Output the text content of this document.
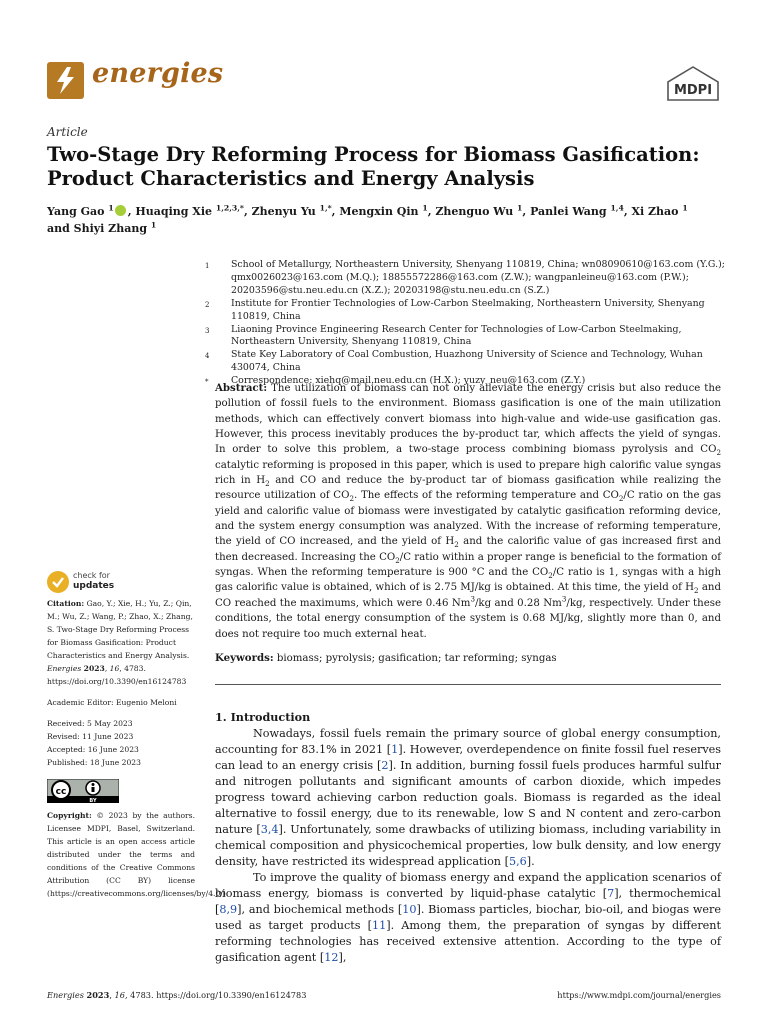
energies
MDPI
Article
Two-Stage Dry Reforming Process for Biomass Gasification:
Product Characteristics and Energy Analysis
Yang Gao $^1$ , Huaqing Xie $^{1,2,3,*}$, Zhenyu Yu $^{1,*}$, Mengxin Qin $^1$, Zhenguo Wu $^1$, Panlei Wang $^{1,4}$, Xi Zhao $^1$
and Shiyi Zhang $^1$
1	School of Metallurgy, Northeastern University, Shenyang 110819, China; wn08090610@163.com (Y.G.);
qmx0026023@163.com (M.Q.); 18855572286@163.com (Z.W.); wangpanleineu@163.com (P.W.);
20203596@stu.neu.edu.cn (X.Z.); 20203198@stu.neu.edu.cn (S.Z.)
2	Institute for Frontier Technologies of Low-Carbon Steelmaking, Northeastern University, Shenyang 110819, China
3	Liaoning Province Engineering Research Center for Technologies of Low-Carbon Steelmaking,
Northeastern University, Shenyang 110819, China
4	State Key Laboratory of Coal Combustion, Huazhong University of Science and Technology, Wuhan 430074, China
*	Correspondence: xiehq@mail.neu.edu.cn (H.X.); yuzy_neu@163.com (Z.Y.)
Abstract: The utilization of biomass can not only alleviate the energy crisis but also reduce the pollution of fossil fuels to the environment. Biomass gasification is one of the main utilization methods, which can effectively convert biomass into high-value and wide-use gasification gas. However, this process inevitably produces the by-product tar, which affects the yield of syngas. In order to solve this problem, a two-stage process combining biomass pyrolysis and $CO_2$ catalytic reforming is proposed in this paper, which is used to prepare high calorific value syngas rich in $H_2$ and CO and reduce the by-product tar of biomass gasification while realizing the resource utilization of $CO_2$. The effects of the reforming temperature and $CO_2/C$ ratio on the gas yield and calorific value of biomass were investigated by catalytic gasification reforming device, and the system energy consumption was analyzed. With the increase of reforming temperature, the yield of CO increased, and the yield of $H_2$ and the calorific value of gas increased first and then decreased. Increasing the $CO_2/C$ ratio within a proper range is beneficial to the formation of syngas. When the reforming temperature is 900 °C and the $CO_2/C$ ratio is 1, syngas with a high gas calorific value is obtained, which of is 2.75 MJ/kg is obtained. At this time, the yield of $H_2$ and CO reached the maximums, which were 0.46 Nm$^3$/kg and 0.28 Nm$^3$/kg, respectively. Under these conditions, the total energy consumption of the system is 0.68 MJ/kg, slightly more than 0, and does not require too much external heat.
Keywords: biomass; pyrolysis; gasification; tar reforming; syngas
check for
updates

Citation: Gao, Y.; Xie, H.; Yu, Z.; Qin, M.; Wu, Z.; Wang, P.; Zhao, X.; Zhang, S. Two-Stage Dry Reforming Process for Biomass Gasification: Product Characteristics and Energy Analysis. Energies 2023, 16, 4783. https://doi.org/10.3390/en16124783

Academic Editor: Eugenio Meloni

Received: 5 May 2023

Revised: 11 June 2023

Accepted: 16 June 2023

Published: 18 June 2023

cc
BY

Copyright: © 2023 by the authors. Licensee MDPI, Basel, Switzerland. This article is an open access article distributed under the terms and conditions of the Creative Commons Attribution (CC BY) license (https://creativecommons.org/licenses/by/4.0/).

1. Introduction

Nowadays, fossil fuels remain the primary source of global energy consumption, accounting for 83.1% in 2021 [1]. However, overdependence on finite fossil fuel reserves can lead to an energy crisis [2]. In addition, burning fossil fuels produces harmful sulfur and nitrogen pollutants and significant amounts of carbon dioxide, which impedes progress toward achieving carbon reduction goals. Biomass is regarded as the ideal alternative to fossil energy, due to its renewable, low S and N content and zero-carbon nature [3,4]. Unfortunately, some drawbacks of utilizing biomass, including variability in chemical composition and physicochemical properties, low bulk density, and low energy density, have restricted its widespread application [5,6].

To improve the quality of biomass energy and expand the application scenarios of biomass energy, biomass is converted by liquid-phase catalytic [7], thermochemical [8,9], and biochemical methods [10]. Biomass particles, biochar, bio-oil, and biogas were used as target products [11]. Among them, the preparation of syngas by different reforming technologies has received extensive attention. According to the type of gasification agent [12],

Energies 2023, 16, 4783. https://doi.org/10.3390/en16124783	https://www.mdpi.com/journal/energies
